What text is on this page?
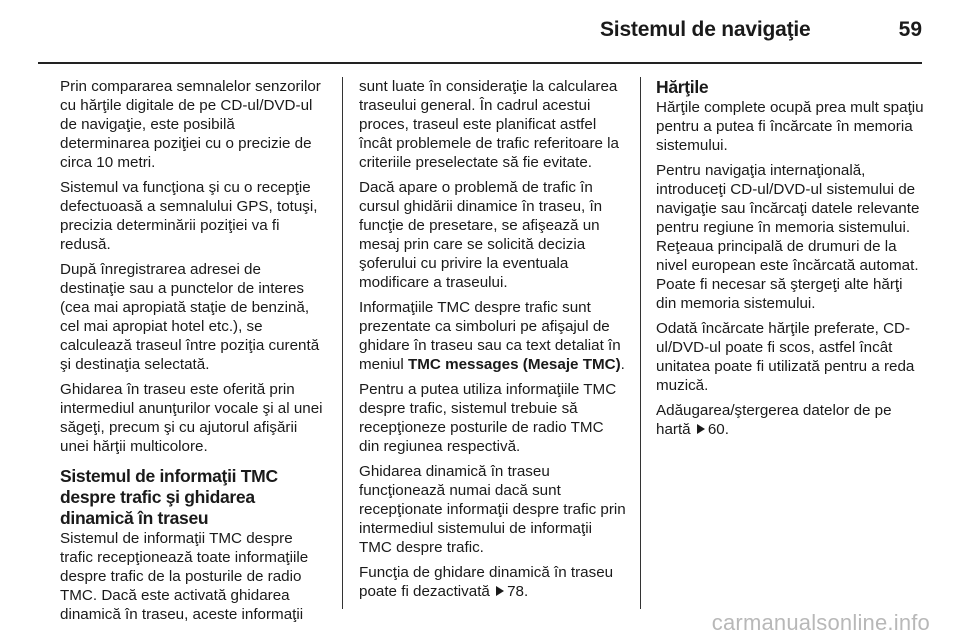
Sistemul de navigaţie	59

Prin compararea semnalelor senzorilor cu hărţile digitale de pe CD-ul/DVD-ul de navigaţie, este posibilă determinarea poziţiei cu o precizie de circa 10 metri.

Sistemul va funcţiona şi cu o recepţie defectuoasă a semnalului GPS, totuşi, precizia determinării poziţiei va fi redusă.

După înregistrarea adresei de destinaţie sau a punctelor de interes (cea mai apropiată staţie de benzină, cel mai apropiat hotel etc.), se calculează traseul între poziţia curentă şi destinaţia selectată.

Ghidarea în traseu este oferită prin intermediul anunţurilor vocale şi al unei săgeţi, precum şi cu ajutorul afişării unei hărţii multicolore.

Sistemul de informaţii TMC despre trafic şi ghidarea dinamică în traseu

Sistemul de informaţii TMC despre trafic recepţionează toate informaţiile despre trafic de la posturile de radio TMC. Dacă este activată ghidarea dinamică în traseu, aceste informaţii

sunt luate în consideraţie la calcularea traseului general. În cadrul acestui proces, traseul este planificat astfel încât problemele de trafic referitoare la criteriile preselectate să fie evitate.

Dacă apare o problemă de trafic în cursul ghidării dinamice în traseu, în funcţie de presetare, se afişează un mesaj prin care se solicită decizia şoferului cu privire la eventuala modificare a traseului.

Informaţiile TMC despre trafic sunt prezentate ca simboluri pe afişajul de ghidare în traseu sau ca text detaliat în meniul TMC messages (Mesaje TMC).

Pentru a putea utiliza informaţiile TMC despre trafic, sistemul trebuie să recepţioneze posturile de radio TMC din regiunea respectivă.

Ghidarea dinamică în traseu funcţionează numai dacă sunt recepţionate informaţii despre trafic prin intermediul sistemului de informaţii TMC despre trafic.

Funcţia de ghidare dinamică în traseu poate fi dezactivată 78.

Hărţile

Hărţile complete ocupă prea mult spaţiu pentru a putea fi încărcate în memoria sistemului.

Pentru navigaţia internaţională, introduceţi CD-ul/DVD-ul sistemului de navigaţie sau încărcaţi datele relevante pentru regiune în memoria sistemului. Reţeaua principală de drumuri de la nivel european este încărcată automat. Poate fi necesar să ştergeţi alte hărţi din memoria sistemului.

Odată încărcate hărţile preferate, CD-ul/DVD-ul poate fi scos, astfel încât unitatea poate fi utilizată pentru a reda muzică.

Adăugarea/ştergerea datelor de pe hartă 60.

carmanualsonline.info
